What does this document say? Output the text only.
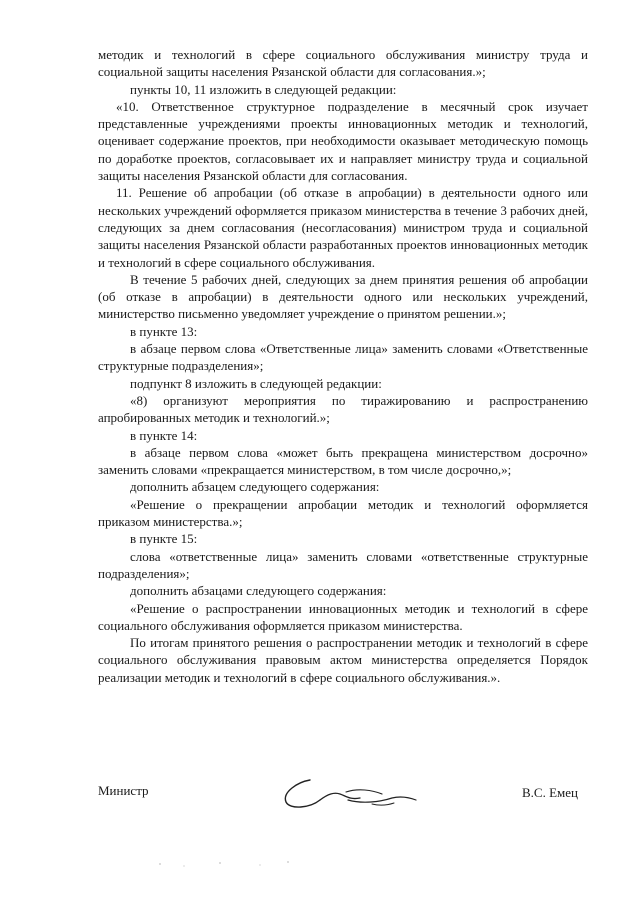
методик и технологий в сфере социального обслуживания министру труда и социальной защиты населения Рязанской области для согласования.»;

пункты 10, 11 изложить в следующей редакции:

«10. Ответственное структурное подразделение в месячный срок изучает представленные учреждениями проекты инновационных методик и технологий, оценивает содержание проектов, при необходимости оказывает методическую помощь по доработке проектов, согласовывает их и направляет министру труда и социальной защиты населения Рязанской области для согласования.

11. Решение об апробации (об отказе в апробации) в деятельности одного или нескольких учреждений оформляется приказом министерства в течение 3 рабочих дней, следующих за днем согласования (несогласования) министром труда и социальной защиты населения Рязанской области разработанных проектов инновационных методик и технологий в сфере социального обслуживания.

В течение 5 рабочих дней, следующих за днем принятия решения об апробации (об отказе в апробации) в деятельности одного или нескольких учреждений, министерство письменно уведомляет учреждение о принятом решении.»;

в пункте 13:

в абзаце первом слова «Ответственные лица» заменить словами «Ответственные структурные подразделения»;

подпункт 8 изложить в следующей редакции:

«8) организуют мероприятия по тиражированию и распространению апробированных методик и технологий.»;

в пункте 14:

в абзаце первом слова «может быть прекращена министерством досрочно» заменить словами «прекращается министерством, в том числе досрочно,»;

дополнить абзацем следующего содержания:

«Решение о прекращении апробации методик и технологий оформляется приказом министерства.»;

в пункте 15:

слова «ответственные лица» заменить словами «ответственные структурные подразделения»;

дополнить абзацами следующего содержания:

«Решение о распространении инновационных методик и технологий в сфере социального обслуживания оформляется приказом министерства.

По итогам принятого решения о распространении методик и технологий в сфере социального обслуживания правовым актом министерства определяется Порядок реализации методик и технологий в сфере социального обслуживания.».

Министр	В.С. Емец
